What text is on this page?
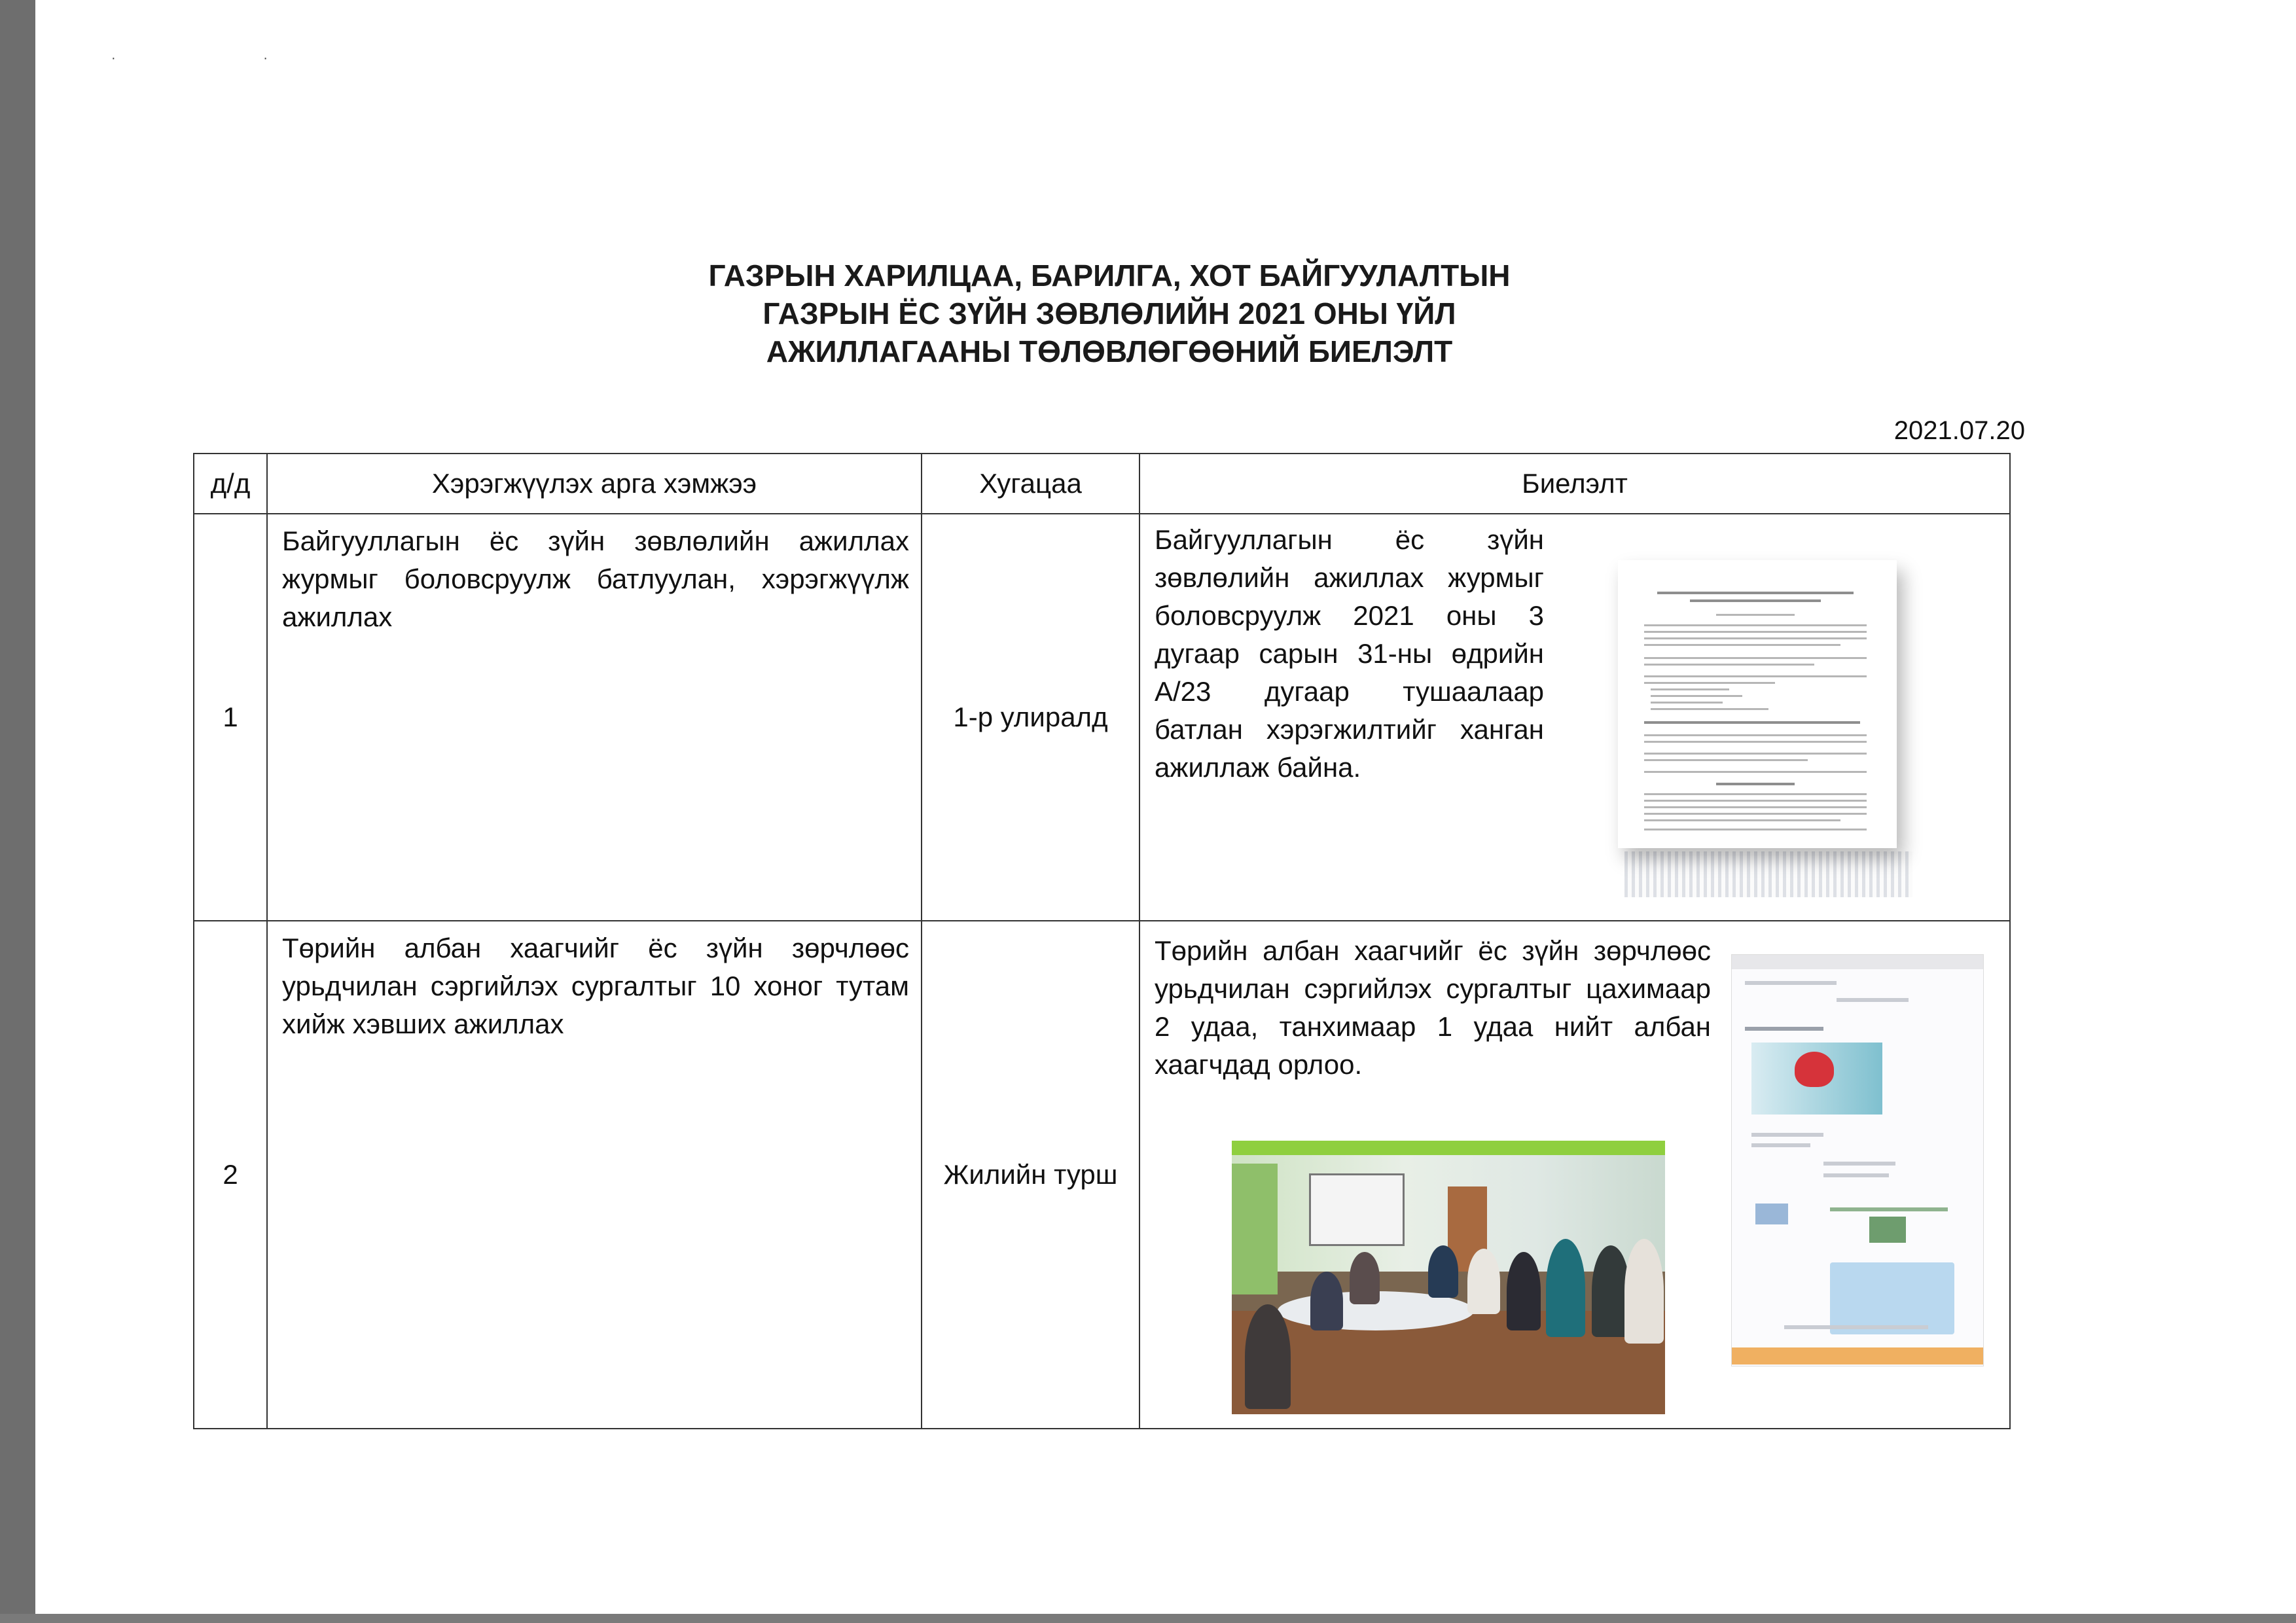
· ·
ГАЗРЫН ХАРИЛЦАА, БАРИЛГА, ХОТ БАЙГУУЛАЛТЫН
ГАЗРЫН ЁС ЗҮЙН ЗӨВЛӨЛИЙН 2021 ОНЫ ҮЙЛ
АЖИЛЛАГААНЫ ТӨЛӨВЛӨГӨӨНИЙ БИЕЛЭЛТ
2021.07.20
д/д	Хэрэгжүүлэх арга хэмжээ	Хугацаа	Биелэлт
1	Байгууллагын ёс зүйн зөвлөлийн ажиллах журмыг боловсруулж батлуулан, хэрэгжүүлж ажиллах	1-р улиралд	Байгууллагын ёс зүйн зөвлөлийн ажиллах журмыг боловсруулж 2021 оны 3 дугаар сарын 31-ны өдрийн А/23 дугаар тушаалаар батлан хэрэгжилтийг ханган ажиллаж байна.

2	Төрийн албан хаагчийг ёс зүйн зөрчлөөс урьдчилан сэргийлэх сургалтыг 10 хоног тутам хийж хэвших ажиллах	Жилийн турш	Төрийн албан хаагчийг ёс зүйн зөрчлөөс урьдчилан сэргийлэх сургалтыг цахимаар 2 удаа, танхимаар 1 удаа нийт албан хаагчдад орлоо.
